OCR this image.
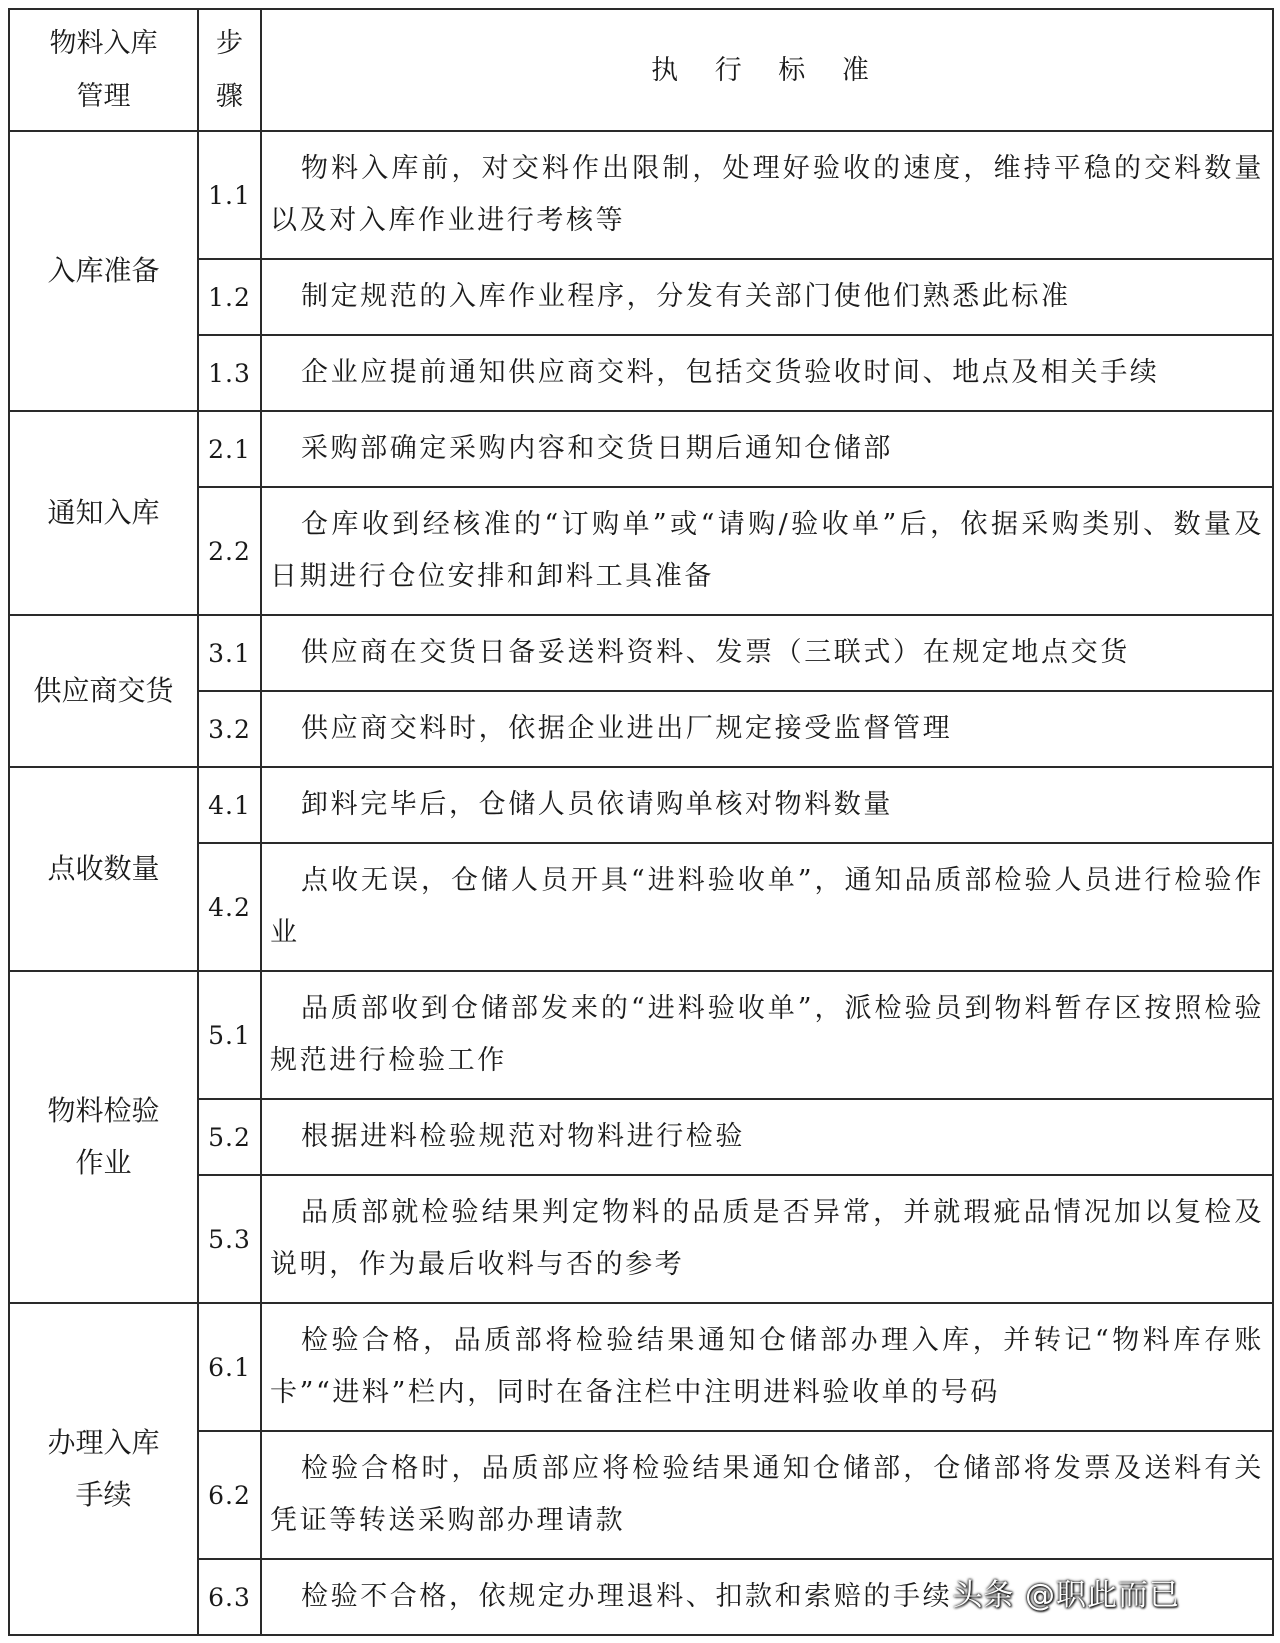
物料入库管理	步骤	执 行 标 准

入库准备	1.1	物料入库前，对交料作出限制，处理好验收的速度，维持平稳的交料数量以及对入库作业进行考核等
	1.2	制定规范的入库作业程序，分发有关部门使他们熟悉此标准
	1.3	企业应提前通知供应商交料，包括交货验收时间、地点及相关手续

通知入库	2.1	采购部确定采购内容和交货日期后通知仓储部
	2.2	仓库收到经核准的“订购单”或“请购/验收单”后，依据采购类别、数量及日期进行仓位安排和卸料工具准备

供应商交货	3.1	供应商在交货日备妥送料资料、发票（三联式）在规定地点交货
	3.2	供应商交料时，依据企业进出厂规定接受监督管理

点收数量	4.1	卸料完毕后，仓储人员依请购单核对物料数量
	4.2	点收无误，仓储人员开具“进料验收单”，通知品质部检验人员进行检验作业

物料检验作业	5.1	品质部收到仓储部发来的“进料验收单”，派检验员到物料暂存区按照检验规范进行检验工作
	5.2	根据进料检验规范对物料进行检验
	5.3	品质部就检验结果判定物料的品质是否异常，并就瑕疵品情况加以复检及说明，作为最后收料与否的参考

办理入库手续	6.1	检验合格，品质部将检验结果通知仓储部办理入库，并转记“物料库存账卡”“进料”栏内，同时在备注栏中注明进料验收单的号码
	6.2	检验合格时，品质部应将检验结果通知仓储部，仓储部将发票及送料有关凭证等转送采购部办理请款
	6.3	检验不合格，依规定办理退料、扣款和索赔的手续 头条 @职此而已
